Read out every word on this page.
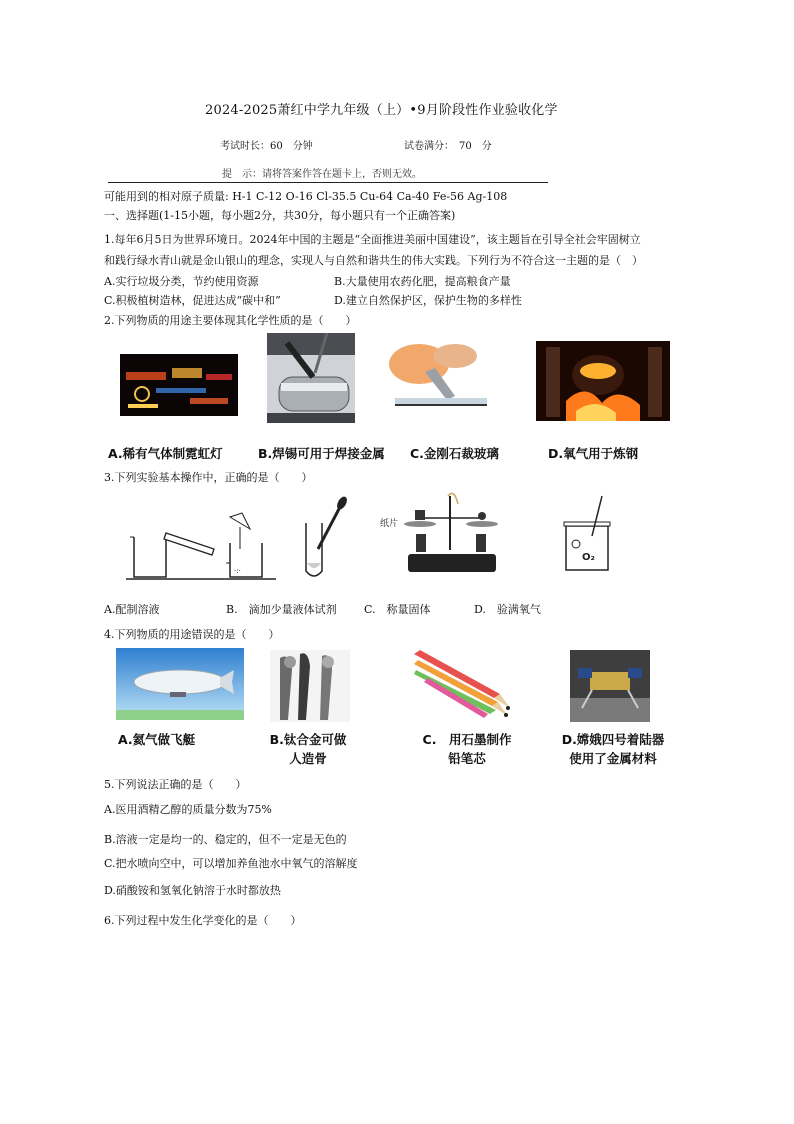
2024-2025萧红中学九年级（上）•9月阶段性作业验收化学
考试时长：60　分钟	试卷满分：　70　分
提　示：请将答案作答在题卡上，否则无效。
可能用到的相对原子质量: H-1 C-12 O-16 Cl-35.5 Cu-64 Ca-40 Fe-56 Ag-108
一、选择题(1-15小题，每小题2分，共30分，每小题只有一个正确答案)
1.每年6月5日为世界环境日。2024年中国的主题是“全面推进美丽中国建设”，该主题旨在引导全社会牢固树立
和践行绿水青山就是金山银山的理念，实现人与自然和谐共生的伟大实践。下列行为不符合这一主题的是（　）
A.实行垃圾分类，节约使用资源	B.大量使用农药化肥，提高粮食产量
C.积极植树造林，促进达成“碳中和”	D.建立自然保护区，保护生物的多样性
2.下列物质的用途主要体现其化学性质的是（　　）
A.稀有气体制霓虹灯	B.焊锡可用于焊接金属 C.金刚石裁玻璃	D.氧气用于炼钢
3.下列实验基本操作中，正确的是（　　）
·:·
纸片
O₂
A.配制溶液	B.　滴加少量液体试剂 C.　称量固体	D.　验满氧气
4.下列物质的用途错误的是（　　）
A.氦气做飞艇	B.钛合金可做
人造骨
C.　用石墨制作
铅笔芯
D.嫦娥四号着陆器
使用了金属材料
5.下列说法正确的是（　　）
A.医用酒精乙醇的质量分数为75%
B.溶液一定是均一的、稳定的，但不一定是无色的
C.把水喷向空中，可以增加养鱼池水中氧气的溶解度
D.硝酸铵和氢氧化钠溶于水时都放热
6.下列过程中发生化学变化的是（　　）
